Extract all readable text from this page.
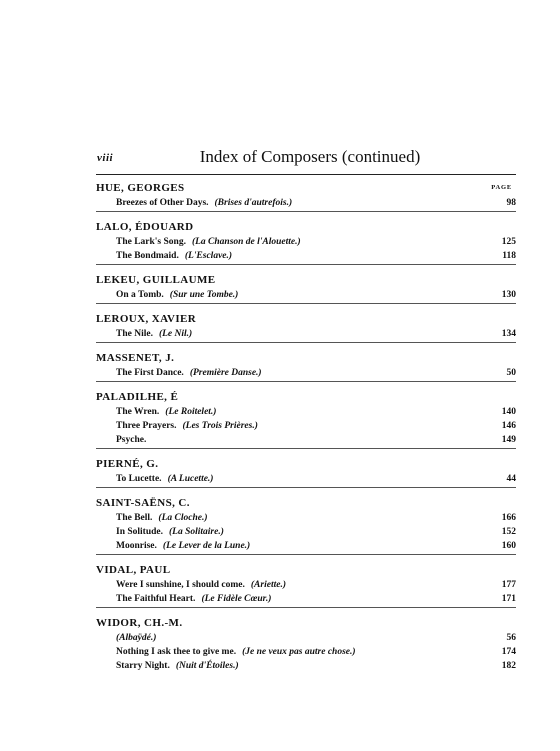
viii	Index of Composers (continued)
HUE, GEORGES	PAGE
Breezes of Other Days. (Brises d'autrefois.)	98
LALO, ÉDOUARD
The Lark's Song. (La Chanson de l'Alouette.)	125
The Bondmaid. (L'Esclave.)	118
LEKEU, GUILLAUME
On a Tomb. (Sur une Tombe.)	130
LEROUX, XAVIER
The Nile. (Le Nil.)	134
MASSENET, J.
The First Dance. (Première Danse.)	50
PALADILHE, É
The Wren. (Le Roitelet.)	140
Three Prayers. (Les Trois Prières.)	146
Psyche.	149
PIERNÉ, G.
To Lucette. (A Lucette.)	44
SAINT-SAËNS, C.
The Bell. (La Cloche.)	166
In Solitude. (La Solitaire.)	152
Moonrise. (Le Lever de la Lune.)	160
VIDAL, PAUL
Were I sunshine, I should come. (Ariette.)	177
The Faithful Heart. (Le Fidèle Cœur.)	171
WIDOR, CH.-M.
(Albaÿdé.)	56
Nothing I ask thee to give me. (Je ne veux pas autre chose.)	174
Starry Night. (Nuit d'Étoiles.)	182
